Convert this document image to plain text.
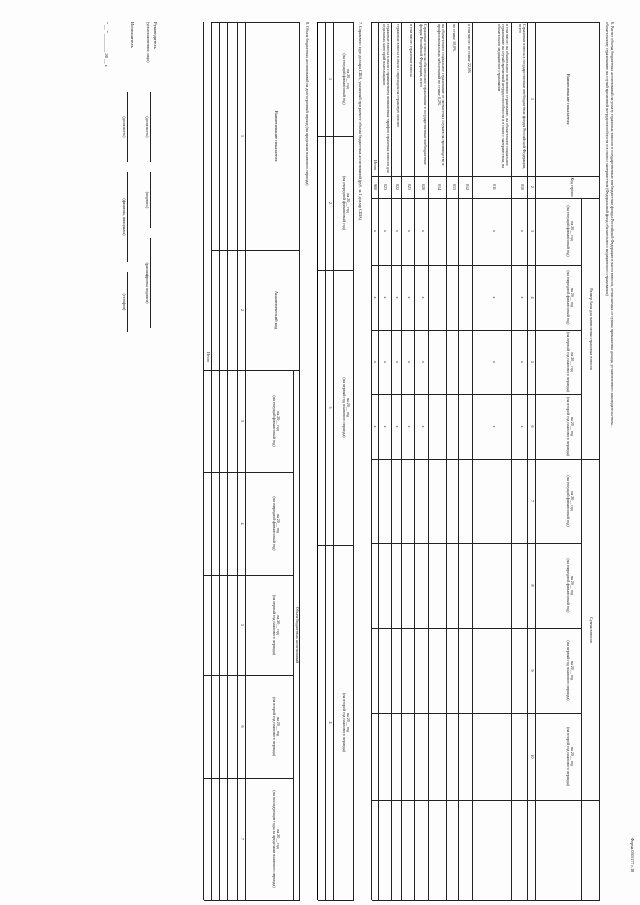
Форма 0505177 с.18
6. Расчет объема бюджетных ассигнований на уплату страховых взносов в государственные внебюджетные фонды Российской Федерации в части взносов, отчисляемых от суммы превышения дохода, установленного законодательством...
обязательному страхованию на случай временной нетрудоспособности и в связи с материнством (Федеральный фонд обязательного медицинского страхования)
Наименование показателя
Код строки
Размер базы для начисления страховых взносов
Сумма взносов
на 20__ год
(на текущий финансовый год)
на 20__ год
(на очередной финансовый год)
на 20__ год
(на первый год планового периода)
на 20__ год
(на второй год планового периода)
на 20__ год
(на текущий финансовый год)
на 20__ год
(на очередной финансовый год)
на 20__ год
(на первый год планового периода)
на 20__ год
(на второй год планового периода)
1
2
3
4
5
6
7
8
9
10
Страховые взносы в государственные внебюджетные фонды Российской Федерации, всего
010
x
x
x
x
в том числе: на обязательное пенсионное страхование, на обязательное социальное страхование на случай временной нетрудоспособности и в связи с материнством, на обязательное медицинское страхование
011
x
x
x
x
в том числе: по ставке 22,0%
012
по ставке 10,0%
013
на обязательное социальное страхование от несчастных случаев на производстве и профессиональных заболеваний по ставке 0,2%
014
Страховые взносы на обязательное страхование в государственные внебюджетные фонды Российской Федерации, всего
020
x
x
x
x
в том числе: страховые взносы
021
x
x
x
x
страховые взносы в связи с переходом на страховую пенсию
022
x
x
x
x
страховые взносы в связи с применением пониженных тарифов страховых взносов для отдельных категорий плательщиков
023
x
x
x
x
Итого
900
x
x
x
x
7. Справочно: курс доллара США, указанный при расчете объема бюджетных ассигнований (руб. за 1 доллар США)
на 20__ год
(на текущий финансовый год)
на 20__ год
(на очередной финансовый год)
на 20__ год
(на первый год планового периода)
на 20__ год
(на второй год планового периода)
1
2
3
4
8. Объем бюджетных ассигнований на долгосрочный период (на пределами планового периода)
Наименование показателя
Аналитический код
Объем бюджетных ассигнований
на 20__ год
(на текущий финансовый год)
на 20__ год
(на очередной финансовый год)
на 20__ год
(на первый год планового периода)
на 20__ год
(на второй год планового периода)
на 20__ год
(на последующие годы за пределами планового периода)
1
2
3
4
5
6
7
Итого
Руководитель
(уполномоченное лицо)
(должность)
(подпись)
(расшифровка подписи)
Исполнитель
(должность)
(фамилия, инициалы)
(телефон)
" __ " ________ 20 __ г.
